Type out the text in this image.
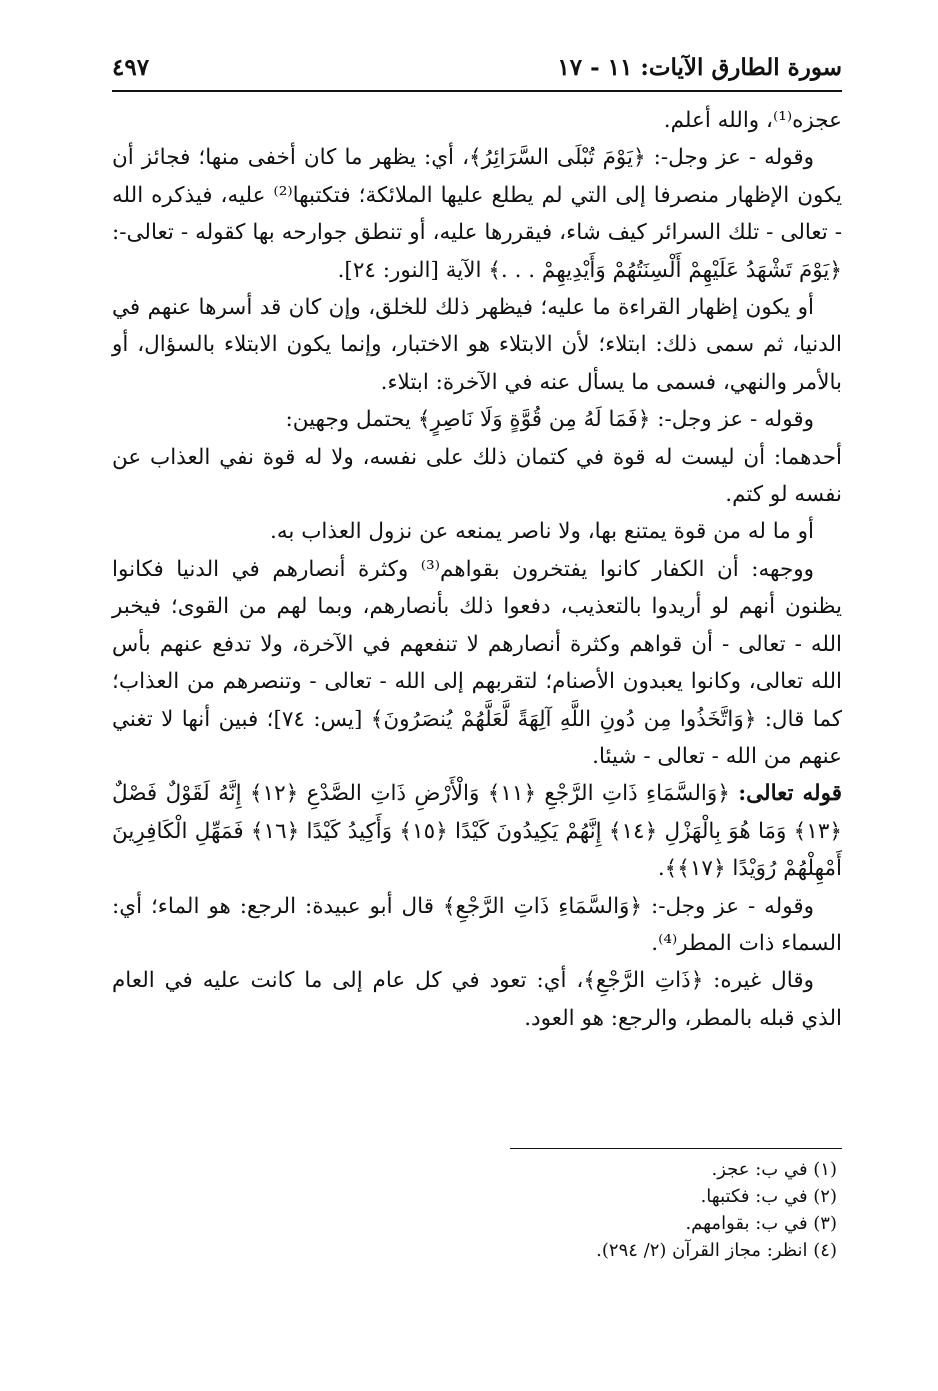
سورة الطارق الآيات: ١١ - ١٧
٤٩٧

عجزه⁽¹⁾، والله أعلم.

وقوله - عز وجل-: ﴿يَوْمَ تُبْلَى السَّرَائِرُ﴾، أي: يظهر ما كان أخفى منها؛ فجائز أن يكون الإظهار منصرفا إلى التي لم يطلع عليها الملائكة؛ فتكتبها⁽²⁾ عليه، فيذكره الله - تعالى - تلك السرائر كيف شاء، فيقررها عليه، أو تنطق جوارحه بها كقوله - تعالى-: ﴿يَوْمَ تَشْهَدُ عَلَيْهِمْ أَلْسِنَتُهُمْ وَأَيْدِيهِمْ . . .﴾ الآية [النور: ٢٤].

أو يكون إظهار القراءة ما عليه؛ فيظهر ذلك للخلق، وإن كان قد أسرها عنهم في الدنيا، ثم سمى ذلك: ابتلاء؛ لأن الابتلاء هو الاختبار، وإنما يكون الابتلاء بالسؤال، أو بالأمر والنهي، فسمى ما يسأل عنه في الآخرة: ابتلاء.

وقوله - عز وجل-: ﴿فَمَا لَهُ مِن قُوَّةٍ وَلَا نَاصِرٍ﴾ يحتمل وجهين:

أحدهما: أن ليست له قوة في كتمان ذلك على نفسه، ولا له قوة نفي العذاب عن نفسه لو كتم.

أو ما له من قوة يمتنع بها، ولا ناصر يمنعه عن نزول العذاب به.

ووجهه: أن الكفار كانوا يفتخرون بقواهم⁽³⁾ وكثرة أنصارهم في الدنيا فكانوا يظنون أنهم لو أريدوا بالتعذيب، دفعوا ذلك بأنصارهم، وبما لهم من القوى؛ فيخبر الله - تعالى - أن قواهم وكثرة أنصارهم لا تنفعهم في الآخرة، ولا تدفع عنهم بأس الله تعالى، وكانوا يعبدون الأصنام؛ لتقربهم إلى الله - تعالى - وتنصرهم من العذاب؛ كما قال: ﴿وَاتَّخَذُوا مِن دُونِ اللَّهِ آلِهَةً لَّعَلَّهُمْ يُنصَرُونَ﴾ [يس: ٧٤]؛ فبين أنها لا تغني عنهم من الله - تعالى - شيئا.

قوله تعالى: ﴿وَالسَّمَاءِ ذَاتِ الرَّجْعِ ﴿١١﴾ وَالْأَرْضِ ذَاتِ الصَّدْعِ ﴿١٢﴾ إِنَّهُ لَقَوْلٌ فَصْلٌ ﴿١٣﴾ وَمَا هُوَ بِالْهَزْلِ ﴿١٤﴾ إِنَّهُمْ يَكِيدُونَ كَيْدًا ﴿١٥﴾ وَأَكِيدُ كَيْدًا ﴿١٦﴾ فَمَهِّلِ الْكَافِرِينَ أَمْهِلْهُمْ رُوَيْدًا ﴿١٧﴾﴾.

وقوله - عز وجل-: ﴿وَالسَّمَاءِ ذَاتِ الرَّجْعِ﴾ قال أبو عبيدة: الرجع: هو الماء؛ أي: السماء ذات المطر⁽⁴⁾.

وقال غيره: ﴿ذَاتِ الرَّجْعِ﴾، أي: تعود في كل عام إلى ما كانت عليه في العام الذي قبله بالمطر، والرجع: هو العود.

(١) في ب: عجز.
(٢) في ب: فكتبها.
(٣) في ب: بقوامهم.
(٤) انظر: مجاز القرآن (٢/ ٢٩٤).
